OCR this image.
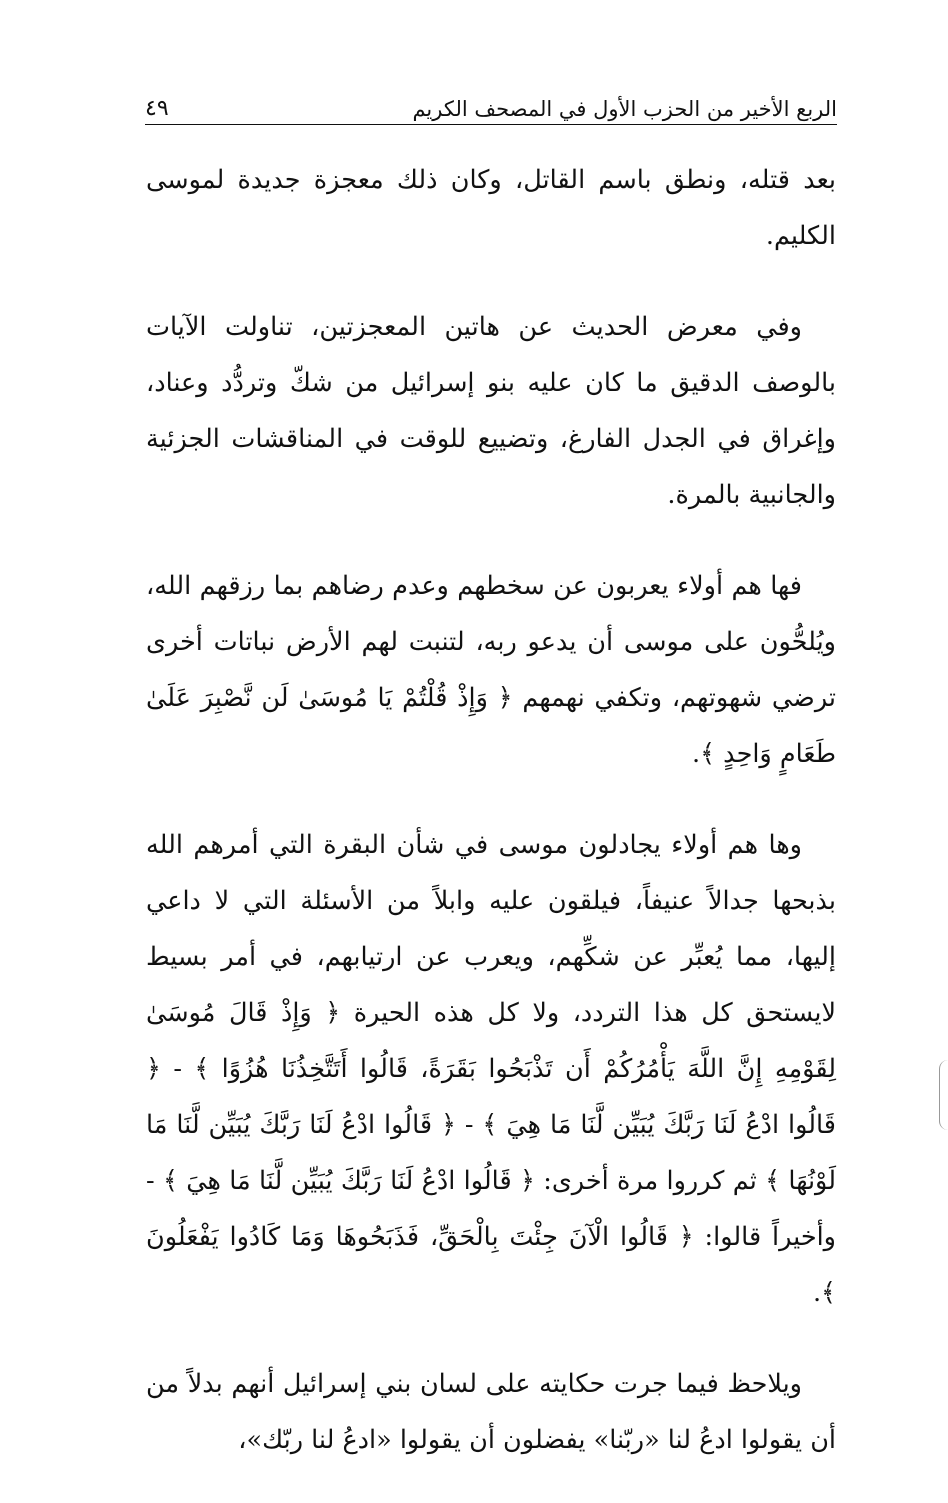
الربع الأخير من الحزب الأول في المصحف الكريم
٤٩

بعد قتله، ونطق باسم القاتل، وكان ذلك معجزة جديدة لموسى الكليم.

وفي معرض الحديث عن هاتين المعجزتين، تناولت الآيات بالوصف الدقيق ما كان عليه بنو إسرائيل من شكّ وتردُّد وعناد، وإغراق في الجدل الفارغ، وتضييع للوقت في المناقشات الجزئية والجانبية بالمرة.

فها هم أولاء يعربون عن سخطهم وعدم رضاهم بما رزقهم الله، ويُلحُّون على موسى أن يدعو ربه، لتنبت لهم الأرض نباتات أخرى ترضي شهوتهم، وتكفي نهمهم ﴿ وَإِذْ قُلْتُمْ يَا مُوسَىٰ لَن نَّصْبِرَ عَلَىٰ طَعَامٍ وَاحِدٍ ﴾.

وها هم أولاء يجادلون موسى في شأن البقرة التي أمرهم الله بذبحها جدالاً عنيفاً، فيلقون عليه وابلاً من الأسئلة التي لا داعي إليها، مما يُعبِّر عن شكِّهم، ويعرب عن ارتيابهم، في أمر بسيط لايستحق كل هذا التردد، ولا كل هذه الحيرة ﴿ وَإِذْ قَالَ مُوسَىٰ لِقَوْمِهِ إِنَّ اللَّهَ يَأْمُرُكُمْ أَن تَذْبَحُوا بَقَرَةً، قَالُوا أَتَتَّخِذُنَا هُزُوًا ﴾ - ﴿ قَالُوا ادْعُ لَنَا رَبَّكَ يُبَيِّن لَّنَا مَا هِيَ ﴾ - ﴿ قَالُوا ادْعُ لَنَا رَبَّكَ يُبَيِّن لَّنَا مَا لَوْنُهَا ﴾ ثم كرروا مرة أخرى: ﴿ قَالُوا ادْعُ لَنَا رَبَّكَ يُبَيِّن لَّنَا مَا هِيَ ﴾ - وأخيراً قالوا: ﴿ قَالُوا الْآنَ جِئْتَ بِالْحَقِّ، فَذَبَحُوهَا وَمَا كَادُوا يَفْعَلُونَ ﴾.

ويلاحظ فيما جرت حكايته على لسان بني إسرائيل أنهم بدلاً من أن يقولوا ادعُ لنا «ربّنا» يفضلون أن يقولوا «ادعُ لنا ربّك»،
